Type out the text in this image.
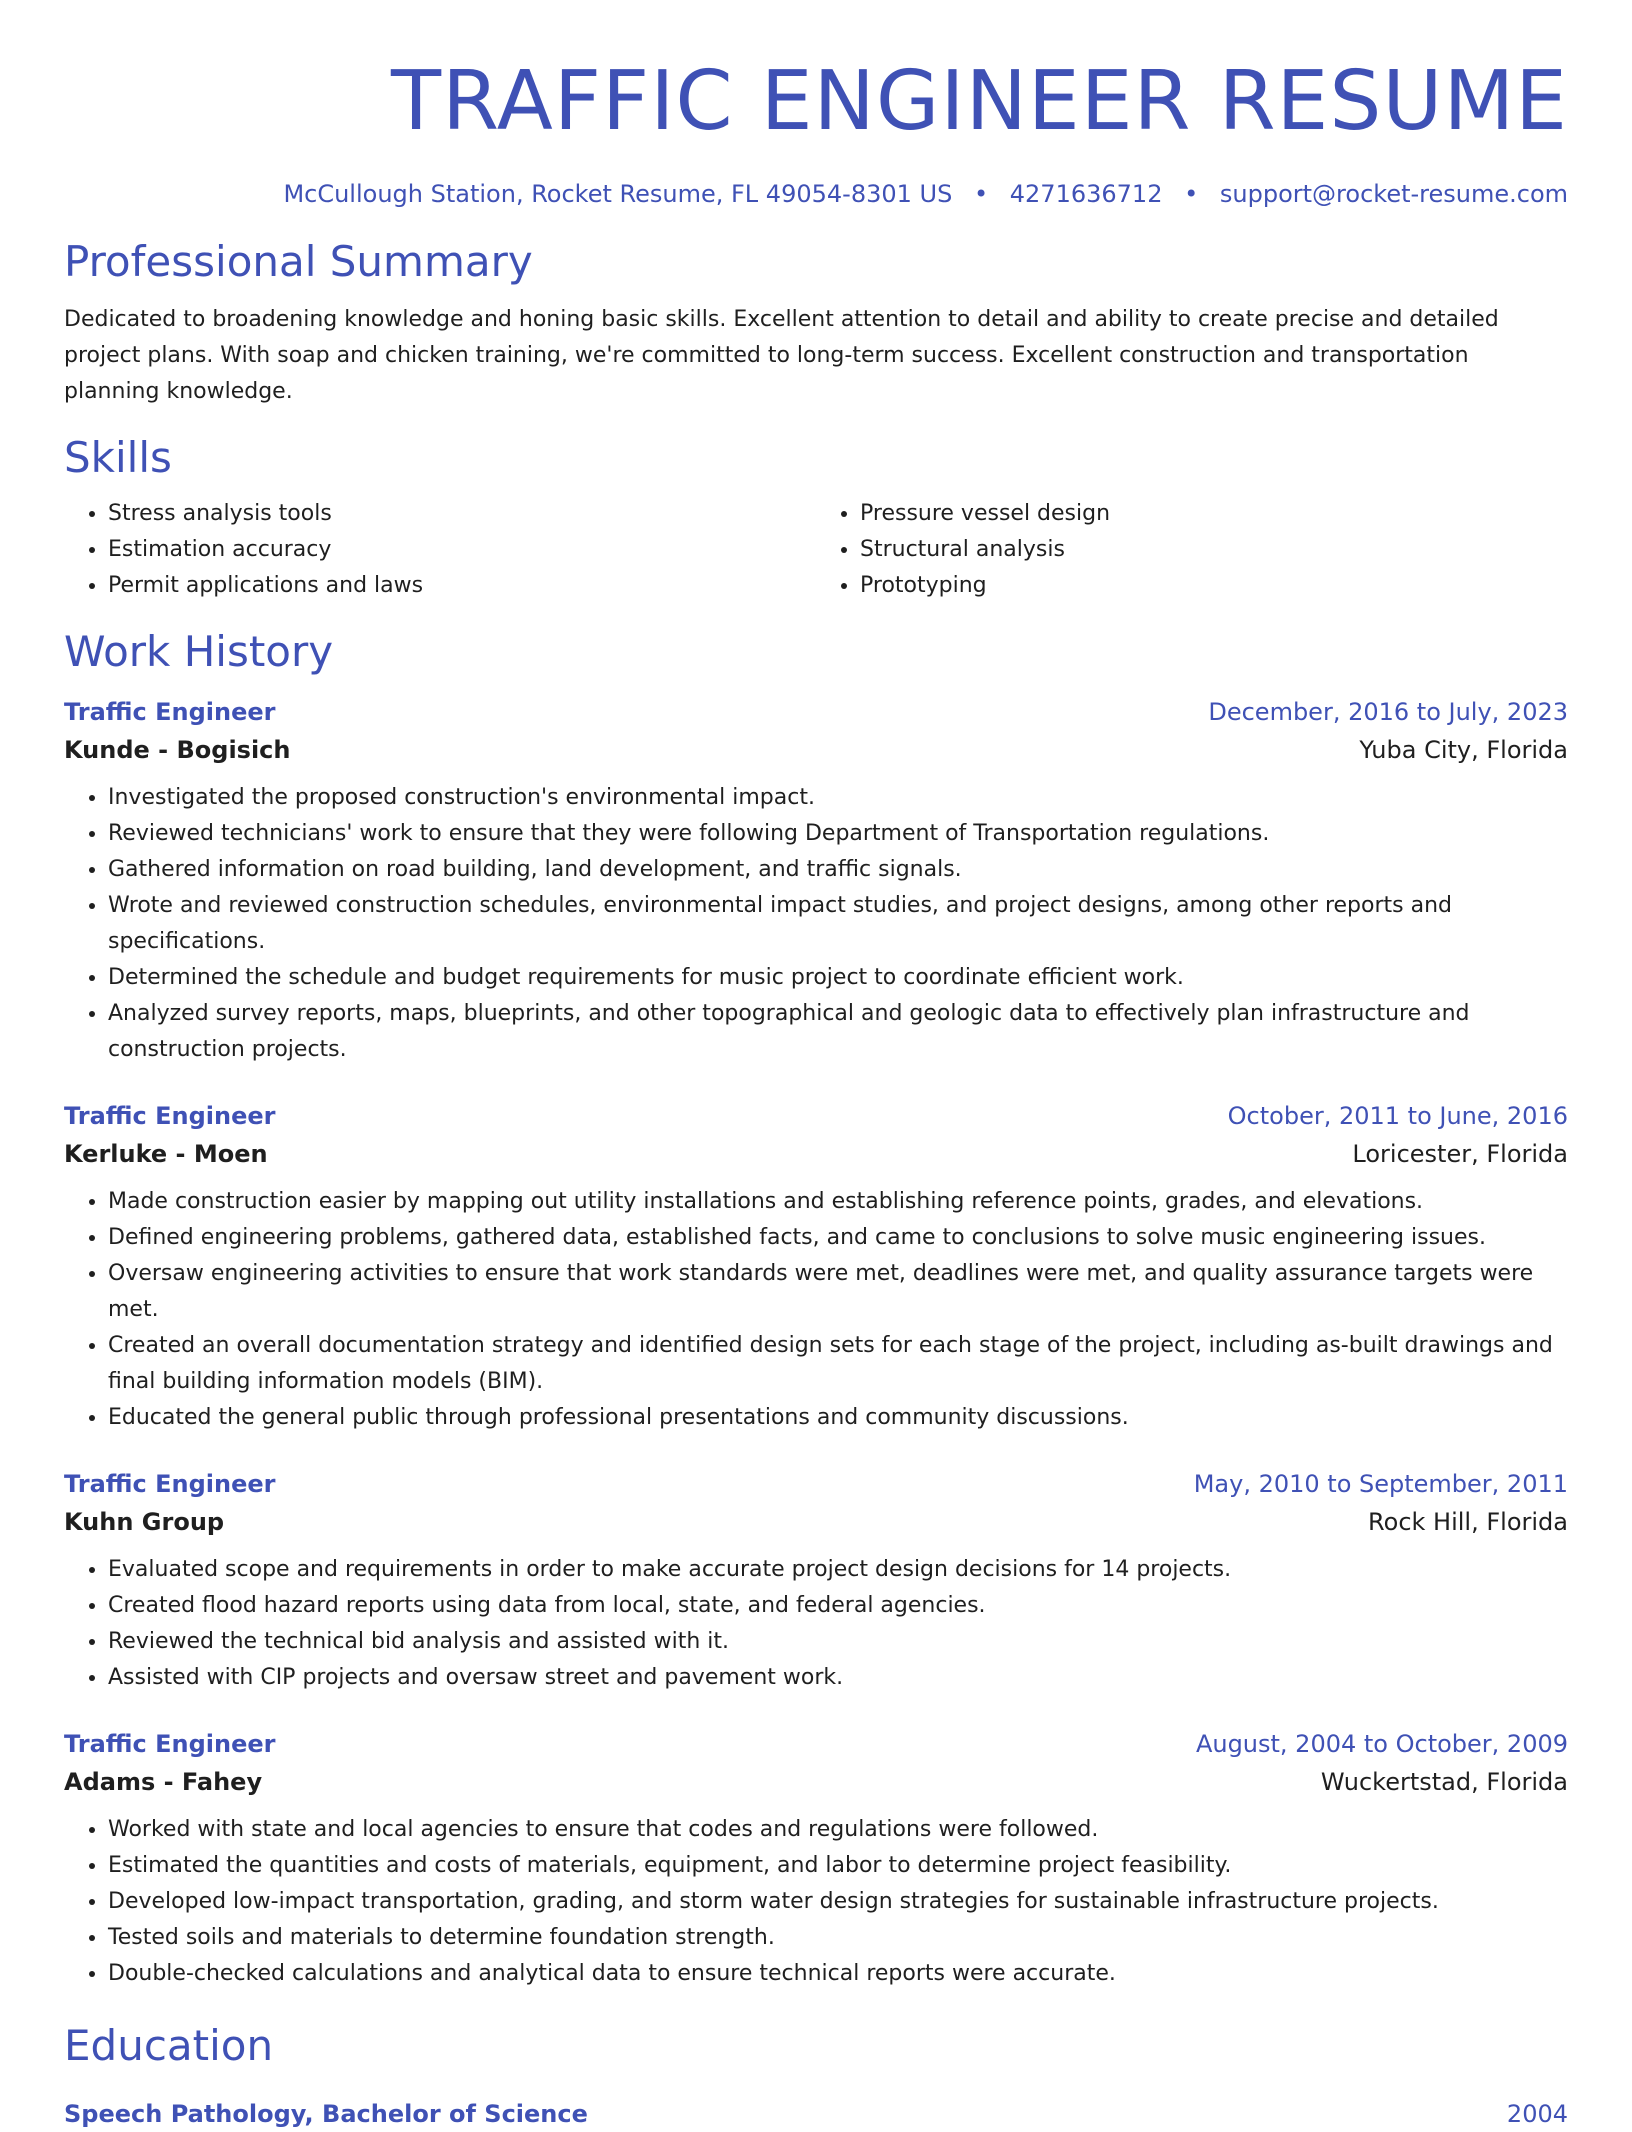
TRAFFIC ENGINEER RESUME
McCullough Station, Rocket Resume, FL 49054-8301 US • 4271636712 • support@rocket-resume.com
Professional Summary

Dedicated to broadening knowledge and honing basic skills. Excellent attention to detail and ability to create precise and detailed project plans. With soap and chicken training, we're committed to long-term success. Excellent construction and transportation planning knowledge.

Skills
• Stress analysis tools
• Estimation accuracy
• Permit applications and laws
• Pressure vessel design
• Structural analysis
• Prototyping
Work History
Traffic Engineer	December, 2016 to July, 2023
Kunde - Bogisich	Yuba City, Florida
• Investigated the proposed construction's environmental impact.
• Reviewed technicians' work to ensure that they were following Department of Transportation regulations.
• Gathered information on road building, land development, and traffic signals.
• Wrote and reviewed construction schedules, environmental impact studies, and project designs, among other reports and specifications.
• Determined the schedule and budget requirements for music project to coordinate efficient work.
• Analyzed survey reports, maps, blueprints, and other topographical and geologic data to effectively plan infrastructure and construction projects.
Traffic Engineer	October, 2011 to June, 2016
Kerluke - Moen	Loricester, Florida
• Made construction easier by mapping out utility installations and establishing reference points, grades, and elevations.
• Defined engineering problems, gathered data, established facts, and came to conclusions to solve music engineering issues.
• Oversaw engineering activities to ensure that work standards were met, deadlines were met, and quality assurance targets were met.
• Created an overall documentation strategy and identified design sets for each stage of the project, including as-built drawings and final building information models (BIM).
• Educated the general public through professional presentations and community discussions.
Traffic Engineer	May, 2010 to September, 2011
Kuhn Group	Rock Hill, Florida
• Evaluated scope and requirements in order to make accurate project design decisions for 14 projects.
• Created flood hazard reports using data from local, state, and federal agencies.
• Reviewed the technical bid analysis and assisted with it.
• Assisted with CIP projects and oversaw street and pavement work.
Traffic Engineer	August, 2004 to October, 2009
Adams - Fahey	Wuckertstad, Florida
• Worked with state and local agencies to ensure that codes and regulations were followed.
• Estimated the quantities and costs of materials, equipment, and labor to determine project feasibility.
• Developed low-impact transportation, grading, and storm water design strategies for sustainable infrastructure projects.
• Tested soils and materials to determine foundation strength.
• Double-checked calculations and analytical data to ensure technical reports were accurate.
Education
Speech Pathology, Bachelor of Science	2004
